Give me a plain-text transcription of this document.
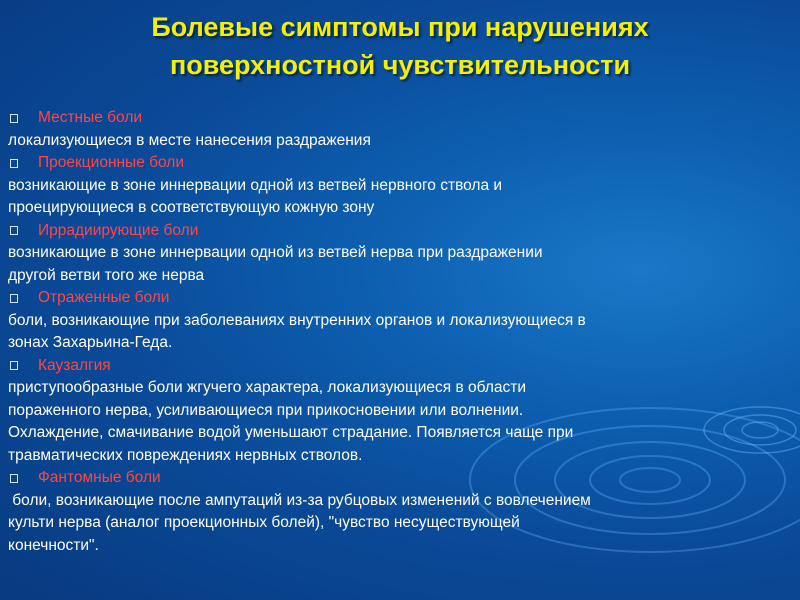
Болевые симптомы при нарушениях
поверхностной чувствительности
Местные боли
локализующиеся в месте нанесения раздражения
Проекционные боли
возникающие в зоне иннервации одной из ветвей нервного ствола и
проецирующиеся в соответствующую кожную зону
Иррадиирующие боли
возникающие в зоне иннервации одной из ветвей нерва при раздражении
другой ветви того же нерва
Отраженные боли
боли, возникающие при заболеваниях внутренних органов и локализующиеся в
зонах Захарьина-Геда.
Каузалгия
приступообразные боли жгучего характера, локализующиеся в области
пораженного нерва, усиливающиеся при прикосновении или волнении.
Охлаждение, смачивание водой уменьшают страдание. Появляется чаще при
травматических повреждениях нервных стволов.
Фантомные боли
боли, возникающие после ампутаций из-за рубцовых изменений с вовлечением
культи нерва (аналог проекционных болей), "чувство несуществующей
конечности".
